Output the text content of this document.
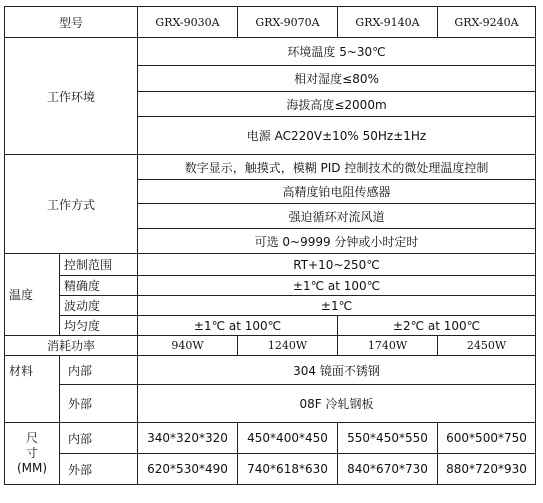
型号		GRX-9030A	GRX-9070A	GRX-9140A	GRX-9240A
工作环境		环境温度 5~30℃			
		相对湿度≤80%			
		海拔高度≤2000m			
		电源 AC220V±10% 50Hz±1Hz			
工作方式		数字显示，触摸式，模糊 PID 控制技术的微处理温度控制			
		高精度铂电阻传感器			
		强迫循环对流风道			
		可选 0~9999 分钟或小时定时			
温度	控制范围	RT+10~250℃			
	精确度	±1℃ at 100℃			
	波动度	±1℃			
	均匀度	±1℃ at 100℃		±2℃ at 100℃	
消耗功率		940W	1240W	1740W	2450W
材料	内部	304 镜面不锈钢			
	外部	08F 冷轧钢板			

尺
寸
(MM)	内部	340*320*320	450*400*450	550*450*550	600*500*750
	外部	620*530*490	740*618*630	840*670*730	880*720*930
